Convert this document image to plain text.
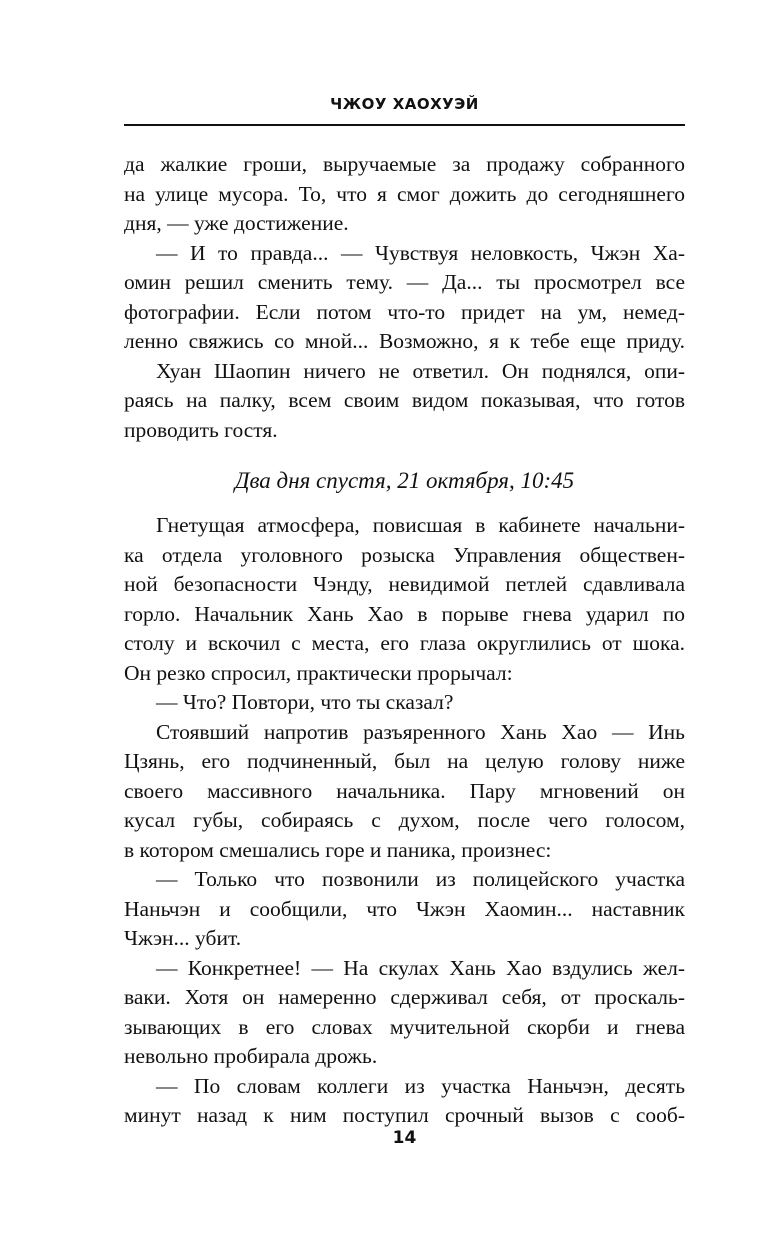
ЧЖОУ ХАОХУЭЙ
да жалкие гроши, выручаемые за продажу собранного
на улице мусора. То, что я смог дожить до сегодняшнего
дня, — уже достижение.
— И то правда... — Чувствуя неловкость, Чжэн Ха-
омин решил сменить тему. — Да... ты просмотрел все
фотографии. Если потом что-то придет на ум, немед-
ленно свяжись со мной... Возможно, я к тебе еще приду.
Хуан Шаопин ничего не ответил. Он поднялся, опи-
раясь на палку, всем своим видом показывая, что готов
проводить гостя.
Два дня спустя, 21 октября, 10:45
Гнетущая атмосфера, повисшая в кабинете начальни-
ка отдела уголовного розыска Управления обществен-
ной безопасности Чэнду, невидимой петлей сдавливала
горло. Начальник Хань Хао в порыве гнева ударил по
столу и вскочил с места, его глаза округлились от шока.
Он резко спросил, практически прорычал:
— Что? Повтори, что ты сказал?
Стоявший напротив разъяренного Хань Хао — Инь
Цзянь, его подчиненный, был на целую голову ниже
своего массивного начальника. Пару мгновений он
кусал губы, собираясь с духом, после чего голосом,
в котором смешались горе и паника, произнес:
— Только что позвонили из полицейского участка
Наньчэн и сообщили, что Чжэн Хаомин... наставник
Чжэн... убит.
— Конкретнее! — На скулах Хань Хао вздулись жел-
ваки. Хотя он намеренно сдерживал себя, от проскаль-
зывающих в его словах мучительной скорби и гнева
невольно пробирала дрожь.
— По словам коллеги из участка Наньчэн, десять
минут назад к ним поступил срочный вызов с сооб-
14
